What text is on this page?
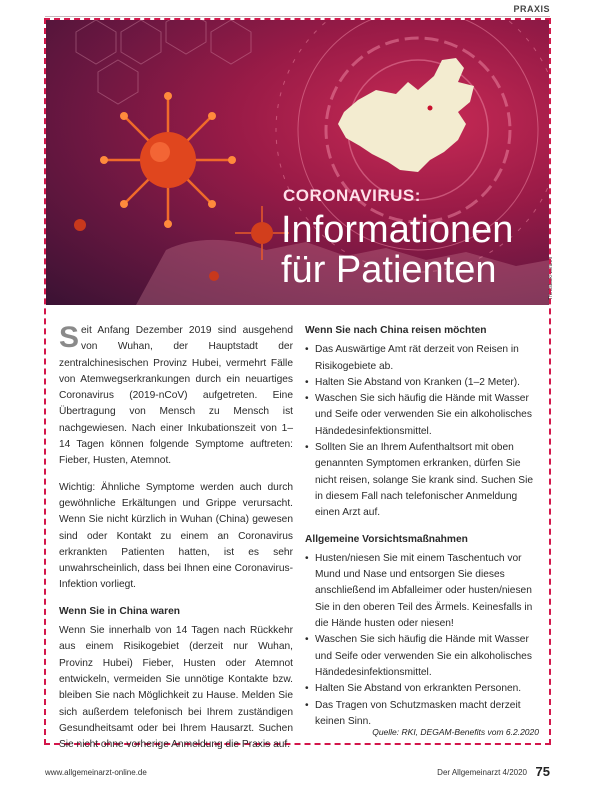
PRAXIS
CORONAVIRUS:
Informationen
für Patienten	Thinkstock/ zoranm
Seit Anfang Dezember 2019 sind ausgehend von Wuhan, der Hauptstadt der zentralchinesischen Provinz Hubei, vermehrt Fälle von Atemwegserkrankungen durch ein neuartiges Coronavirus (2019-nCoV) aufgetreten. Eine Übertragung von Mensch zu Mensch ist nachgewiesen. Nach einer Inkubationszeit von 1–14 Tagen können folgende Symptome auftreten: Fieber, Husten, Atemnot.
Wichtig: Ähnliche Symptome werden auch durch gewöhnliche Erkältungen und Grippe verursacht. Wenn Sie nicht kürzlich in Wuhan (China) gewesen sind oder Kontakt zu einem an Coronavirus erkrankten Patienten hatten, ist es sehr unwahrscheinlich, dass bei Ihnen eine Coronavirus-Infektion vorliegt.
Wenn Sie in China waren
Wenn Sie innerhalb von 14 Tagen nach Rückkehr aus einem Risikogebiet (derzeit nur Wuhan, Provinz Hubei) Fieber, Husten oder Atemnot entwickeln, vermeiden Sie unnötige Kontakte bzw. bleiben Sie nach Möglichkeit zu Hause. Melden Sie sich außerdem telefonisch bei Ihrem zuständigen Gesundheitsamt oder bei Ihrem Hausarzt. Suchen Sie nicht ohne vorherige Anmeldung die Praxis auf.
Wenn Sie nach China reisen möchten
• Das Auswärtige Amt rät derzeit von Reisen in Risikogebiete ab.
• Halten Sie Abstand von Kranken (1–2 Meter).
• Waschen Sie sich häufig die Hände mit Wasser und Seife oder verwenden Sie ein alkoholisches Händedesinfektionsmittel.
• Sollten Sie an Ihrem Aufenthaltsort mit oben genannten Symptomen erkranken, dürfen Sie nicht reisen, solange Sie krank sind. Suchen Sie in diesem Fall nach telefonischer Anmeldung einen Arzt auf.
Allgemeine Vorsichtsmaßnahmen
• Husten/niesen Sie mit einem Taschentuch vor Mund und Nase und entsorgen Sie dieses anschließend im Abfalleimer oder husten/niesen Sie in den oberen Teil des Ärmels. Keinesfalls in die Hände husten oder niesen!
• Waschen Sie sich häufig die Hände mit Wasser und Seife oder verwenden Sie ein alkoholisches Händedesinfektionsmittel.
• Halten Sie Abstand von erkrankten Personen.
• Das Tragen von Schutzmasken macht derzeit keinen Sinn.
Quelle: RKI, DEGAM-Benefits vom 6.2.2020
www.allgemeinarzt-online.de	Der Allgemeinarzt 4/2020 75
